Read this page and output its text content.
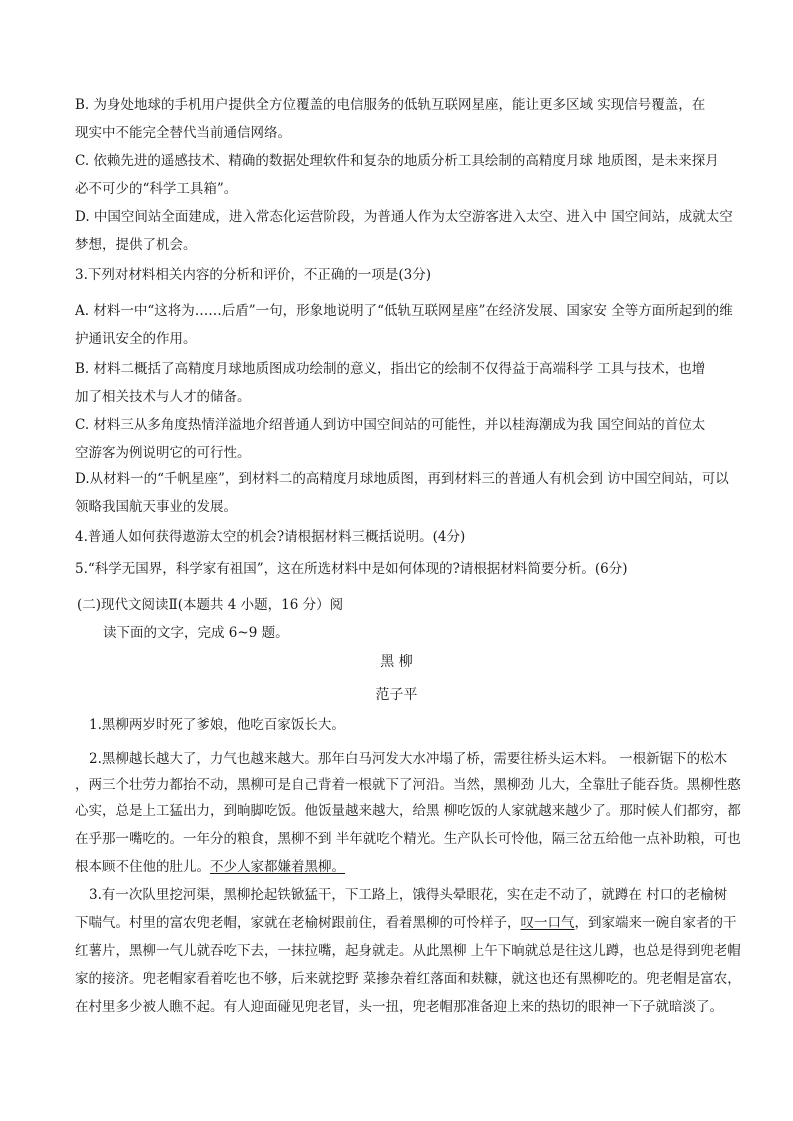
B. 为身处地球的手机用户提供全方位覆盖的电信服务的低轨互联网星座，能让更多区域 实现信号覆盖，在
现实中不能完全替代当前通信网络。
C. 依赖先进的遥感技术、精确的数据处理软件和复杂的地质分析工具绘制的高精度月球 地质图，是未来探月
必不可少的“科学工具箱”。
D. 中国空间站全面建成，进入常态化运营阶段，为普通人作为太空游客进入太空、进入中 国空间站，成就太空
梦想，提供了机会。
3.下列对材料相关内容的分析和评价，不正确的一项是(3分)
A. 材料一中“这将为……后盾”一句，形象地说明了“低轨互联网星座”在经济发展、国家安 全等方面所起到的维
护通讯安全的作用。
B. 材料二概括了高精度月球地质图成功绘制的意义，指出它的绘制不仅得益于高端科学 工具与技术，也增
加了相关技术与人才的储备。
C. 材料三从多角度热情洋溢地介绍普通人到访中国空间站的可能性，并以桂海潮成为我 国空间站的首位太
空游客为例说明它的可行性。
D.从材料一的“千帆星座”，到材料二的高精度月球地质图，再到材料三的普通人有机会到 访中国空间站，可以
领略我国航天事业的发展。
4.普通人如何获得遨游太空的机会?请根据材料三概括说明。(4分)
5.“科学无国界，科学家有祖国”，这在所选材料中是如何体现的?请根据材料简要分析。(6分)
(二)现代文阅读Ⅱ(本题共 4 小题，16 分）阅
读下面的文字，完成 6~9 题。
黑 柳
范子平
1.黑柳两岁时死了爹娘，他吃百家饭长大。
2.黑柳越长越大了，力气也越来越大。那年白马河发大水冲塌了桥，需要往桥头运木料。 一根新锯下的松木
，两三个壮劳力都抬不动，黑柳可是自己背着一根就下了河沿。当然，黑柳劲 儿大，全靠肚子能吞货。黑柳性憨
心实，总是上工猛出力，到晌脚吃饭。他饭量越来越大，给黑 柳吃饭的人家就越来越少了。那时候人们都穷，都
在乎那一嘴吃的。一年分的粮食，黑柳不到 半年就吃个精光。生产队长可怜他，隔三岔五给他一点补助粮，可也
根本顾不住他的肚儿。不少人家都嫌着黑柳。
3.有一次队里挖河渠，黑柳抡起铁锨猛干，下工路上，饿得头晕眼花，实在走不动了，就蹲在 村口的老榆树
下喘气。村里的富农兜老帽，家就在老榆树跟前住，看着黑柳的可怜样子，叹一口气，到家端来一碗自家者的干
红薯片，黑柳一气儿就吞吃下去，一抹拉嘴，起身就走。从此黑柳 上午下晌就总是往这儿蹲，也总是得到兜老帽
家的接济。兜老帽家看着吃也不够，后来就挖野 菜掺杂着红落面和麸糠，就这也还有黑柳吃的。兜老帽是富农，
在村里多少被人瞧不起。有人迎面碰见兜老冒，头一扭，兜老帽那准备迎上来的热切的眼神一下子就暗淡了。
